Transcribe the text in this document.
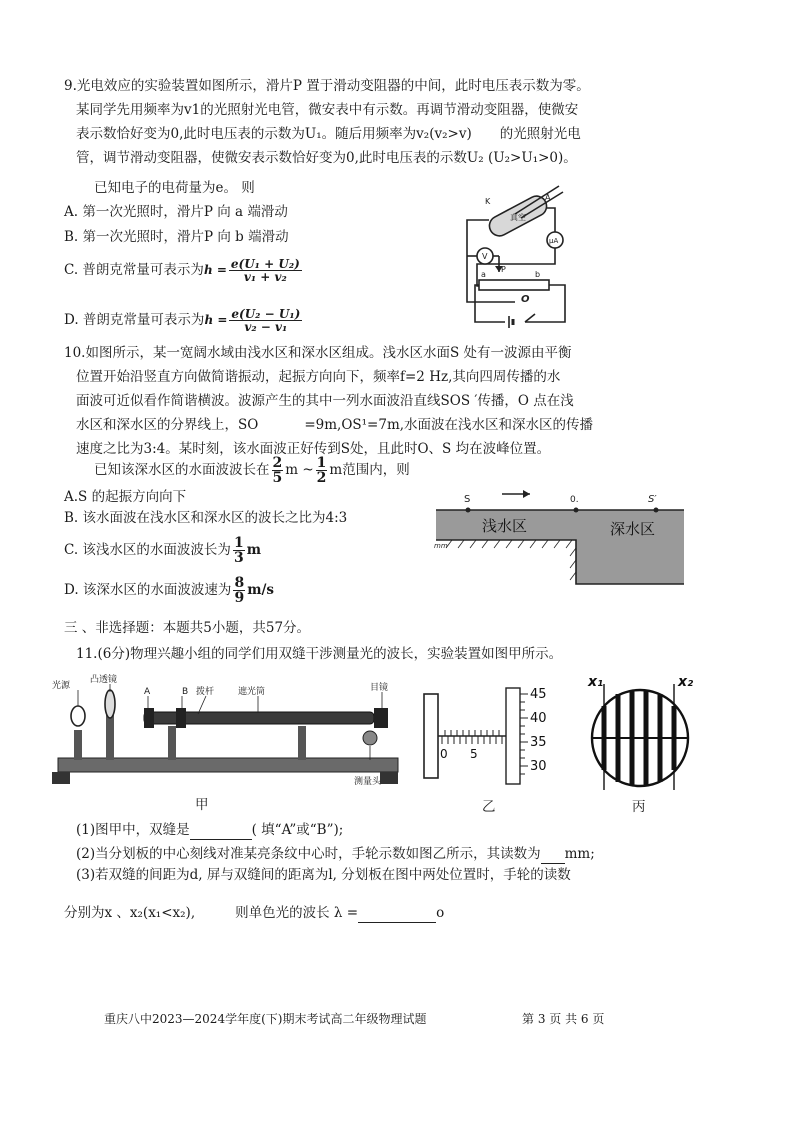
9.光电效应的实验装置如图所示，滑片P 置于滑动变阻器的中间，此时电压表示数为零。
某同学先用频率为v1的光照射光电管，微安表中有示数。再调节滑动变阻器，使微安
表示数恰好变为0,此时电压表的示数为U₁。随后用频率为v₂(v₂>v) 的光照射光电
管，调节滑动变阻器，使微安表示数恰好变为0,此时电压表的示数U₂ (U₂>U₁>0)。
已知电子的电荷量为e。 则
A. 第一次光照时，滑片P 向 a 端滑动
B. 第一次光照时，滑片P 向 b 端滑动
C. 普朗克常量可表示为$h = \frac{\text{e(U₁ + U₂)}}{\text{v₁ + v₂}}$
D. 普朗克常量可表示为$h = \frac{\text{e(U₂ − U₁)}}{\text{v₂ − v₁}}$
K	A
真空
μA
V
P
a	b
O
10.如图所示，某一宽阔水域由浅水区和深水区组成。浅水区水面S 处有一波源由平衡
位置开始沿竖直方向做简谐振动，起振方向向下，频率f=2 Hz,其向四周传播的水
面波可近似看作简谐横波。波源产生的其中一列水面波沿直线SOS ′传播，O 点在浅
水区和深水区的分界线上，SO	=9m,OS¹=7m,水面波在浅水区和深水区的传播
速度之比为3:4。某时刻，该水面波正好传到S处，且此时O、S 均在波峰位置。
已知该深水区的水面波波长在 $\frac{2}{5}$ m ~ $\frac{1}{2}$ m范围内，则
A.S 的起振方向向下
B. 该水面波在浅水区和深水区的波长之比为4:3
C. 该浅水区的水面波波长为 $\frac{1}{3}$ m
D. 该深水区的水面波波速为 $\frac{8}{9} m/s$
S	0.	S′
浅水区	深水区
mm
三 、非选择题：本题共5小题，共57分。
11.(6分)物理兴趣小组的同学们用双缝干涉测量光的波长，实验装置如图甲所示。
光源
凸透镜
A	B 拨杆	遮光筒	目镜
测量头
45
40
35
30
0 5
x₁	x₂
甲	乙	丙
(1)图甲中，双缝是	( 填“A”或“B”);
(2)当分划板的中心刻线对准某亮条纹中心时，手轮示数如图乙所示，其读数为 mm;
(3)若双缝的间距为d, 屏与双缝间的距离为l, 分划板在图中两处位置时，手轮的读数
分别为x 、x₂(x₁<x₂),	则单色光的波长 λ =	o
重庆八中2023—2024学年度(下)期末考试高二年级物理试题	第 3 页 共 6 页
